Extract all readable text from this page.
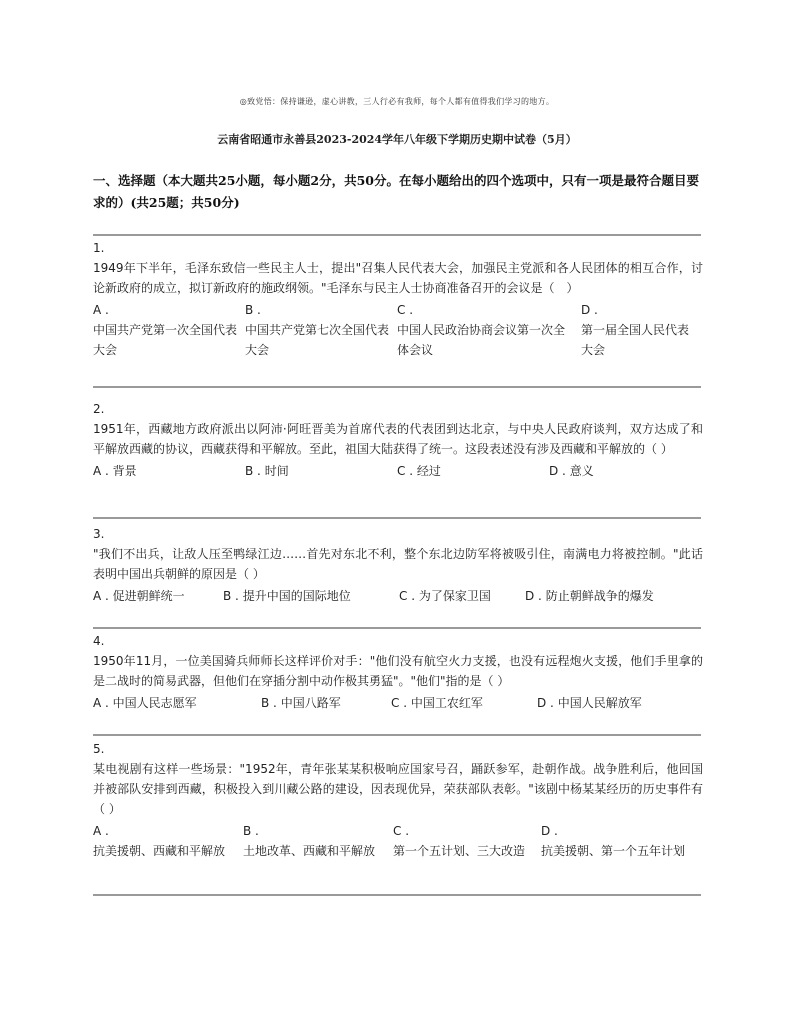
◎致党悟：保持谦逊，虚心讲教，三人行必有我师，每个人都有值得我们学习的地方。
云南省昭通市永善县2023-2024学年八年级下学期历史期中试卷（5月）
一、选择题（本大题共25小题，每小题2分，共50分。在每小题给出的四个选项中，只有一项是最符合题目要求的）(共25题；共50分)
1.
1949年下半年，毛泽东致信一些民主人士，提出"召集人民代表大会，加强民主党派和各人民团体的相互合作，讨论新政府的成立，拟订新政府的施政纲领。"毛泽东与民主人士协商准备召开的会议是（　）
A .
中国共产党第一次全国代表大会
B .
中国共产党第七次全国代表大会
C .
中国人民政治协商会议第一次全体会议
D .
第一届全国人民代表大会
2.
1951年，西藏地方政府派出以阿沛·阿旺晋美为首席代表的代表团到达北京，与中央人民政府谈判，双方达成了和平解放西藏的协议，西藏获得和平解放。至此，祖国大陆获得了统一。这段表述没有涉及西藏和平解放的（ ）
A . 背景	B . 时间	C . 经过	D . 意义
3.
"我们不出兵，让敌人压至鸭绿江边……首先对东北不利，整个东北边防军将被吸引住，南满电力将被控制。"此话表明中国出兵朝鲜的原因是（ ）
A . 促进朝鲜统一	B . 提升中国的国际地位	C . 为了保家卫国	D . 防止朝鲜战争的爆发
4.
1950年11月，一位美国骑兵师师长这样评价对手："他们没有航空火力支援，也没有远程炮火支援，他们手里拿的是二战时的简易武器，但他们在穿插分割中动作极其勇猛"。"他们"指的是（ ）
A . 中国人民志愿军	B . 中国八路军	C . 中国工农红军	D . 中国人民解放军
5.
某电视剧有这样一些场景："1952年，青年张某某积极响应国家号召，踊跃参军，赴朝作战。战争胜利后，他回国并被部队安排到西藏，积极投入到川藏公路的建设，因表现优异，荣获部队表彰。"该剧中杨某某经历的历史事件有（ ）
A .
抗美援朝、西藏和平解放
B .
土地改革、西藏和平解放
C .
第一个五计划、三大改造
D .
抗美援朝、第一个五年计划
